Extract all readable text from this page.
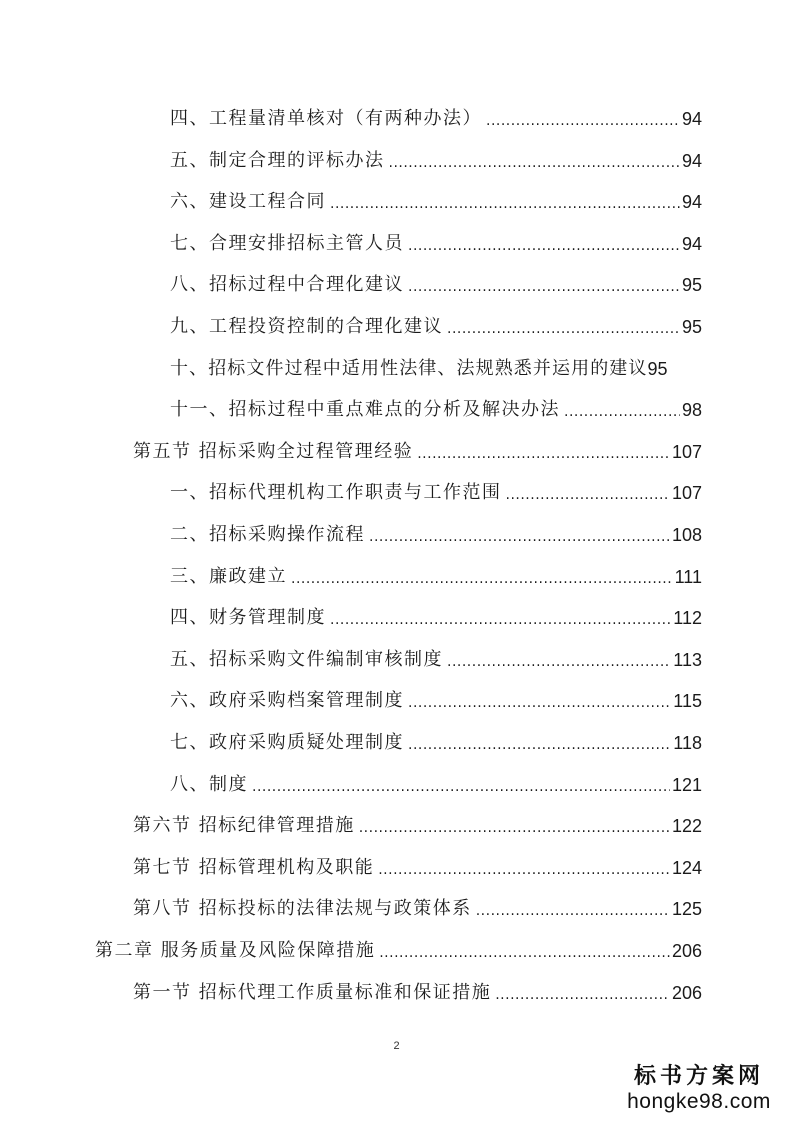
四、工程量清单核对（有两种办法） .....	94
五、制定合理的评标办法 .....	94
六、建设工程合同 .....	94
七、合理安排招标主管人员 .....	94
八、招标过程中合理化建议 .....	95
九、工程投资控制的合理化建议 .....	95
十、招标文件过程中适用性法律、法规熟悉并运用的建议 95
十一、招标过程中重点难点的分析及解决办法 .....	98
第五节 招标采购全过程管理经验 .....	107
一、招标代理机构工作职责与工作范围 .....	107
二、招标采购操作流程 .....	108
三、廉政建立 .....	111
四、财务管理制度 .....	112
五、招标采购文件编制审核制度 .....	113
六、政府采购档案管理制度 .....	115
七、政府采购质疑处理制度 .....	118
八、制度 .....	121
第六节 招标纪律管理措施 .....	122
第七节 招标管理机构及职能 .....	124
第八节 招标投标的法律法规与政策体系 .....	125
第二章 服务质量及风险保障措施 .....	206
第一节 招标代理工作质量标准和保证措施 .....	206
2
标书方案网
hongke98.com
